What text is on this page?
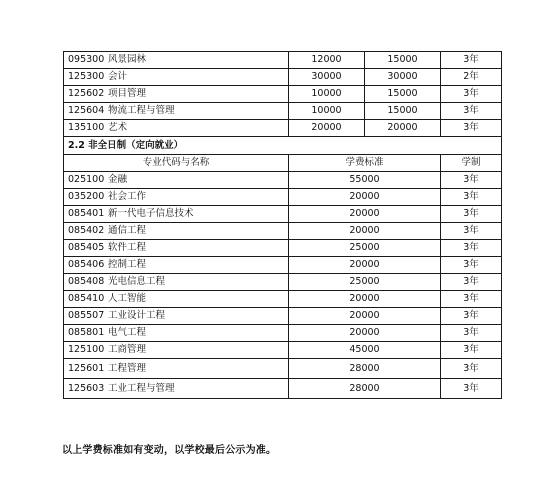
095300 风景园林	12000	15000	3年
125300 会计	30000	30000	2年
125602 项目管理	10000	15000	3年
125604 物流工程与管理	10000	15000	3年
135100 艺术	20000	20000	3年
2.2 非全日制（定向就业）			
专业代码与名称	学费标准		学制
025100 金融	55000		3年
035200 社会工作	20000		3年
085401 新一代电子信息技术	20000		3年
085402 通信工程	20000		3年
085405 软件工程	25000		3年
085406 控制工程	20000		3年
085408 光电信息工程	25000		3年
085410 人工智能	20000		3年
085507 工业设计工程	20000		3年
085801 电气工程	20000		3年
125100 工商管理	45000		3年
125601 工程管理	28000		3年
125603 工业工程与管理	28000		3年
以上学费标准如有变动，以学校最后公示为准。
